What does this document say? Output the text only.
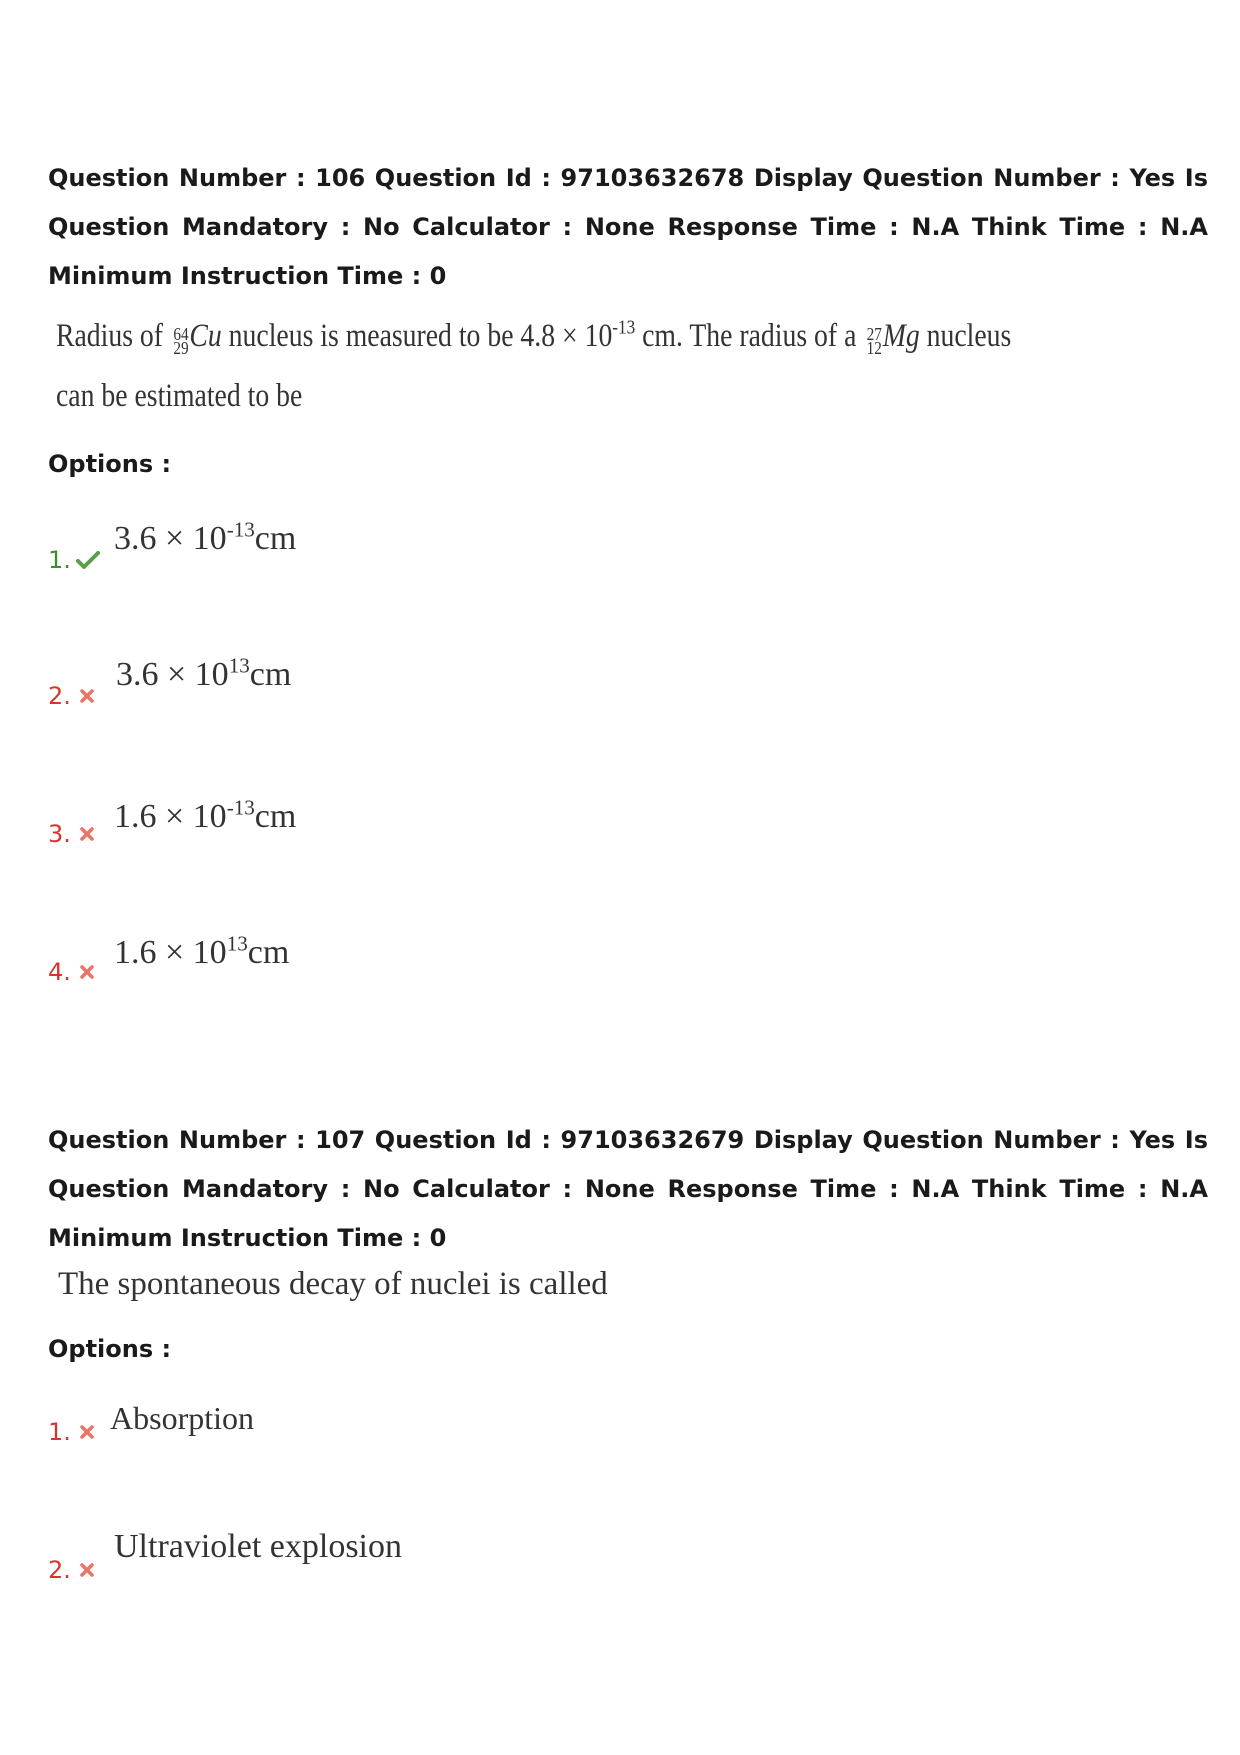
Question Number : 106 Question Id : 97103632678 Display Question Number : Yes Is Question Mandatory : No Calculator : None Response Time : N.A Think Time : N.A Minimum Instruction Time : 0
Radius of 64
29 Cu nucleus is measured to be $4.8 \times 10^{-13}$ cm. The radius of a 27
12 Mg nucleus
can be estimated to be
Options :
1.
$3.6 \times 10^{-13}cm$
2.
$3.6 \times 10^{13}cm$
3. $1.6 \times 10^{-13}cm$
4.
$1.6 \times 10^{13}cm$
Question Number : 107 Question Id : 97103632679 Display Question Number : Yes Is Question Mandatory : No Calculator : None Response Time : N.A Think Time : N.A Minimum Instruction Time : 0
The spontaneous decay of nuclei is called
Options :
1. Absorption
2.
Ultraviolet explosion
